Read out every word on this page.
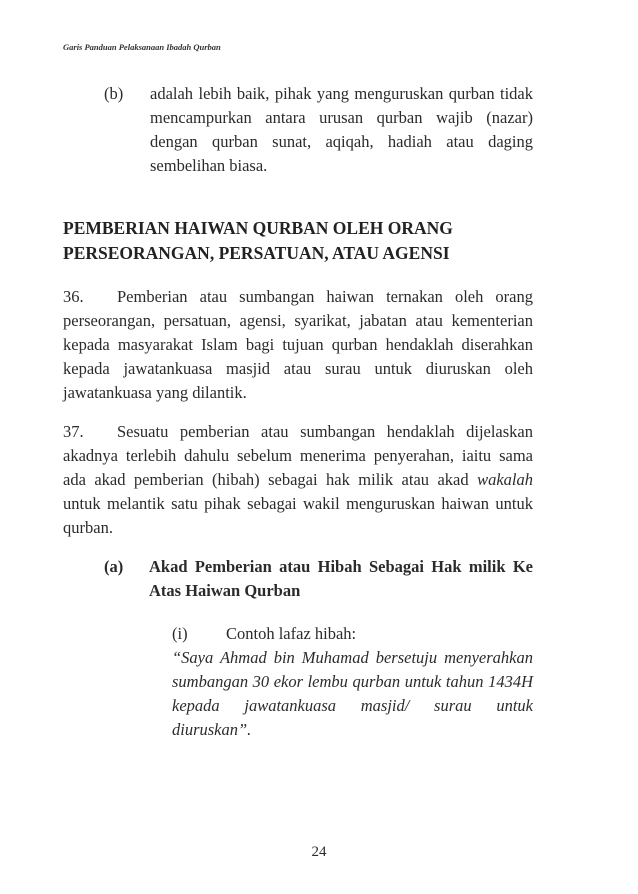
Garis Panduan Pelaksanaan Ibadah Qurban
(b) adalah lebih baik, pihak yang menguruskan qurban tidak mencampurkan antara urusan qurban wajib (nazar) dengan qurban sunat, aqiqah, hadiah atau daging sembelihan biasa.
PEMBERIAN HAIWAN QURBAN OLEH ORANG
PERSEORANGAN, PERSATUAN, ATAU AGENSI
36. Pemberian atau sumbangan haiwan ternakan oleh orang perseorangan, persatuan, agensi, syarikat, jabatan atau kementerian kepada masyarakat Islam bagi tujuan qurban hendaklah diserahkan kepada jawatankuasa masjid atau surau untuk diuruskan oleh jawatankuasa yang dilantik.
37. Sesuatu pemberian atau sumbangan hendaklah dijelaskan akadnya terlebih dahulu sebelum menerima penyerahan, iaitu sama ada akad pemberian (hibah) sebagai hak milik atau akad wakalah untuk melantik satu pihak sebagai wakil menguruskan haiwan untuk qurban.
(a) Akad Pemberian atau Hibah Sebagai Hak milik Ke Atas Haiwan Qurban
(i) Contoh lafaz hibah:
“Saya Ahmad bin Muhamad bersetuju menyerahkan sumbangan 30 ekor lembu qurban untuk tahun 1434H kepada jawatankuasa masjid/ surau untuk diuruskan”.
24
